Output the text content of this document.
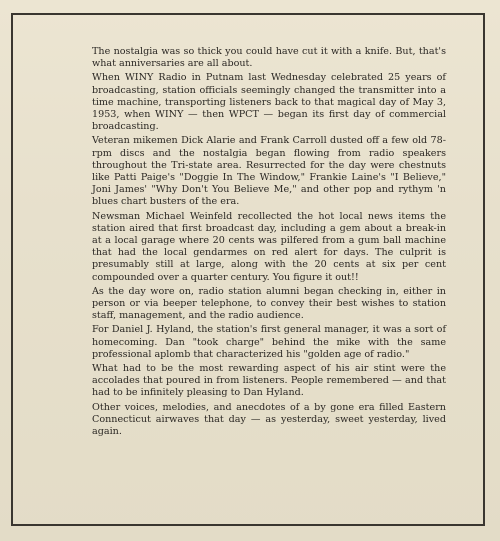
The nostalgia was so thick you could have cut it with a knife. But, that's what anniversaries are all about.

When WINY Radio in Putnam last Wednesday celebrated 25 years of broadcasting, station officials seemingly changed the transmitter into a time machine, transporting listeners back to that magical day of May 3, 1953, when WINY — then WPCT — began its first day of commercial broadcasting.

Veteran mikemen Dick Alarie and Frank Carroll dusted off a few old 78-rpm discs and the nostalgia began flowing from radio speakers throughout the Tri-state area. Resurrected for the day were chestnuts like Patti Paige's "Doggie In The Window," Frankie Laine's "I Believe," Joni James' "Why Don't You Believe Me," and other pop and rythym 'n blues chart busters of the era.

Newsman Michael Weinfeld recollected the hot local news items the station aired that first broadcast day, including a gem about a break-in at a local garage where 20 cents was pilfered from a gum ball machine that had the local gendarmes on red alert for days. The culprit is presumably still at large, along with the 20 cents at six per cent compounded over a quarter century. You figure it out!!

As the day wore on, radio station alumni began checking in, either in person or via beeper telephone, to convey their best wishes to station staff, management, and the radio audience.

For Daniel J. Hyland, the station's first general manager, it was a sort of homecoming. Dan "took charge" behind the mike with the same professional aplomb that characterized his "golden age of radio."

What had to be the most rewarding aspect of his air stint were the accolades that poured in from listeners. People remembered — and that had to be infinitely pleasing to Dan Hyland.

Other voices, melodies, and anecdotes of a by gone era filled Eastern Connecticut airwaves that day — as yesterday, sweet yesterday, lived again.
